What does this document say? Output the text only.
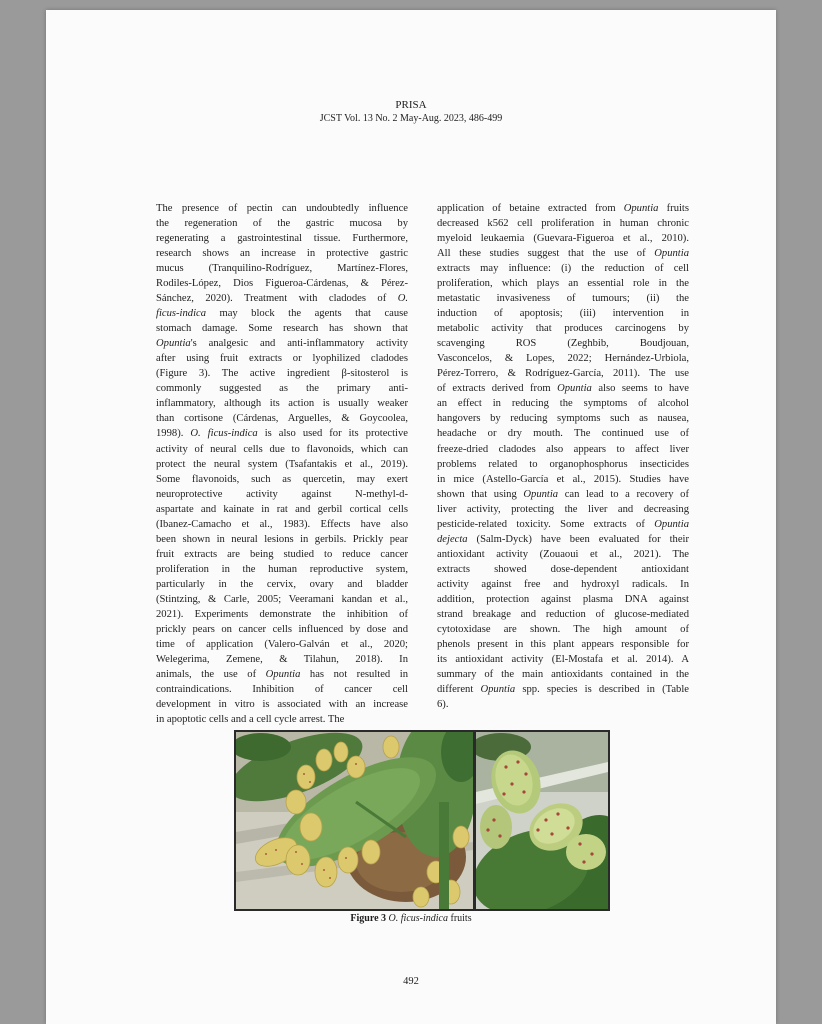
PRISA
JCST Vol. 13 No. 2 May-Aug. 2023, 486-499
The presence of pectin can undoubtedly influence
the regeneration of the gastric mucosa by
regenerating a gastrointestinal tissue. Furthermore,
research shows an increase in protective gastric
mucus (Tranquilino-Rodríguez, Martínez-Flores,
Rodiles-López, Dios Figueroa-Cárdenas, & Pérez-
Sánchez, 2020). Treatment with cladodes of O.
ficus-indica may block the agents that cause
stomach damage. Some research has shown that
Opuntia's analgesic and anti-inflammatory activity
after using fruit extracts or lyophilized cladodes
(Figure 3). The active ingredient β-sitosterol is
commonly suggested as the primary anti-
inflammatory, although its action is usually weaker
than cortisone (Cárdenas, Arguelles, & Goycoolea,
1998). O. ficus-indica is also used for its protective
activity of neural cells due to flavonoids, which can
protect the neural system (Tsafantakis et al., 2019).
Some flavonoids, such as quercetin, may exert
neuroprotective activity against N-methyl-d-
aspartate and kainate in rat and gerbil cortical cells
(Ibanez-Camacho et al., 1983). Effects have also
been shown in neural lesions in gerbils. Prickly pear
fruit extracts are being studied to reduce cancer
proliferation in the human reproductive system,
particularly in the cervix, ovary and bladder
(Stintzing, & Carle, 2005; Veeramani kandan et al.,
2021). Experiments demonstrate the inhibition of
prickly pears on cancer cells influenced by dose and
time of application (Valero-Galván et al., 2020;
Welegerima, Zemene, & Tilahun, 2018). In
animals, the use of Opuntia has not resulted in
contraindications. Inhibition of cancer cell
development in vitro is associated with an increase
in apoptotic cells and a cell cycle arrest. The
application of betaine extracted from Opuntia fruits
decreased k562 cell proliferation in human chronic
myeloid leukaemia (Guevara-Figueroa et al., 2010).
All these studies suggest that the use of Opuntia
extracts may influence: (i) the reduction of cell
proliferation, which plays an essential role in the
metastatic invasiveness of tumours; (ii) the
induction of apoptosis; (iii) intervention in
metabolic activity that produces carcinogens by
scavenging ROS (Zeghbib, Boudjouan,
Vasconcelos, & Lopes, 2022; Hernández-Urbiola,
Pérez-Torrero, & Rodríguez-García, 2011). The use
of extracts derived from Opuntia also seems to have
an effect in reducing the symptoms of alcohol
hangovers by reducing symptoms such as nausea,
headache or dry mouth. The continued use of
freeze-dried cladodes also appears to affect liver
problems related to organophosphorus insecticides
in mice (Astello-García et al., 2015). Studies have
shown that using Opuntia can lead to a recovery of
liver activity, protecting the liver and decreasing
pesticide-related toxicity. Some extracts of Opuntia
dejecta (Salm-Dyck) have been evaluated for their
antioxidant activity (Zouaoui et al., 2021). The
extracts showed dose-dependent antioxidant
activity against free and hydroxyl radicals. In
addition, protection against plasma DNA against
strand breakage and reduction of glucose-mediated
cytotoxidase are shown. The high amount of
phenols present in this plant appears responsible for
its antioxidant activity (El-Mostafa et al. 2014). A
summary of the main antioxidants contained in the
different Opuntia spp. species is described in (Table
6).
Figure 3 O. ficus-indica fruits
492
